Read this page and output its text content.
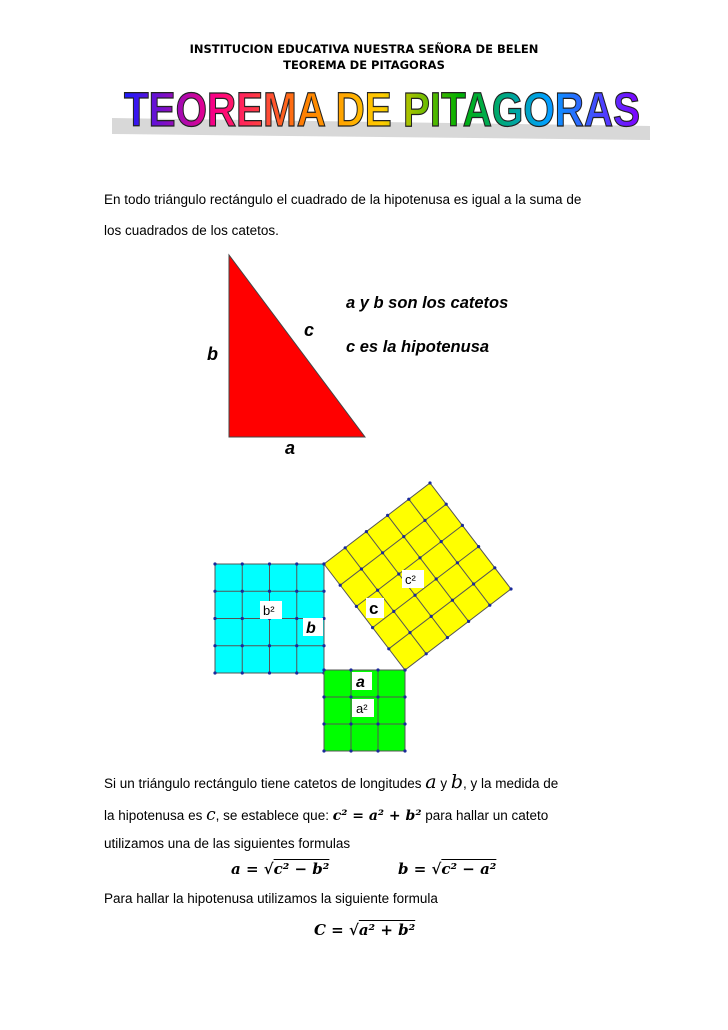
INSTITUCION EDUCATIVA NUESTRA SEÑORA DE BELEN
TEOREMA DE PITAGORAS
TEOREMA DE PITAGORAS
En todo triángulo rectángulo el cuadrado de la hipotenusa es igual a la suma de
los cuadrados de los catetos.
b
c
a
a y b son los catetos
c es la hipotenusa
b²
b
c²
c
a
a²
Si un triángulo rectángulo tiene catetos de longitudes a y b, y la medida de
la hipotenusa es c, se establece que: c² = a² + b² para hallar un cateto
utilizamos una de las siguientes formulas
a = √c² − b²	b = √c² − a²
Para hallar la hipotenusa utilizamos la siguiente formula
C = √a² + b²
